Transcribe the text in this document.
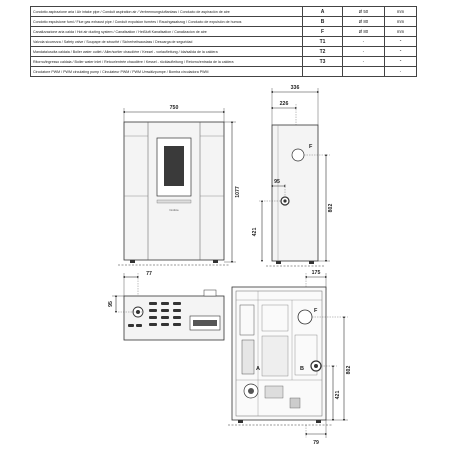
Condotto aspirazione aria / Air intake pipe / Conduit aspiration air / Verbrennungsluftanlass / Conducto de aspiración de aire	A	Ø 50	mm
Condotto espulsione fumi / Flue gas exhaust pipe / Conduit expulsion fumées / Rauchgasabzug / Conducto de expulsión de humos	B	Ø 80	mm
Canalizzazione aria calda / Hot air ducting system / Canalisation / Heißluft Kanalisation / Canalizacion de aire	F	Ø 80	mm
Valvola sicurezza / Safety valve / Soupape de sécurité / Sicherheitsauslass / Descarga de seguridad	T1	-	"
Mandata/uscita caldaia / Boiler water outlet / Aller/sortier chaudière / Kessel - vorlaufleitung / Ida/salida de la caldera	T2	-	"
Ritorno/ingresso caldaia / Boiler water inlet / Retour/entrée chaudière / Kessel - rücklaufleitung / Retorno/entrada de la caldera	T3	-	"
Circolatore PWM / PWM circulating pump / Circulateur PWM / PWM Umwälzpumpe / Bomba circuladora PWM			-
750
Nordica
1077
336
226
F
95
421
802
77
95
175
A
F
B	802
421
79
